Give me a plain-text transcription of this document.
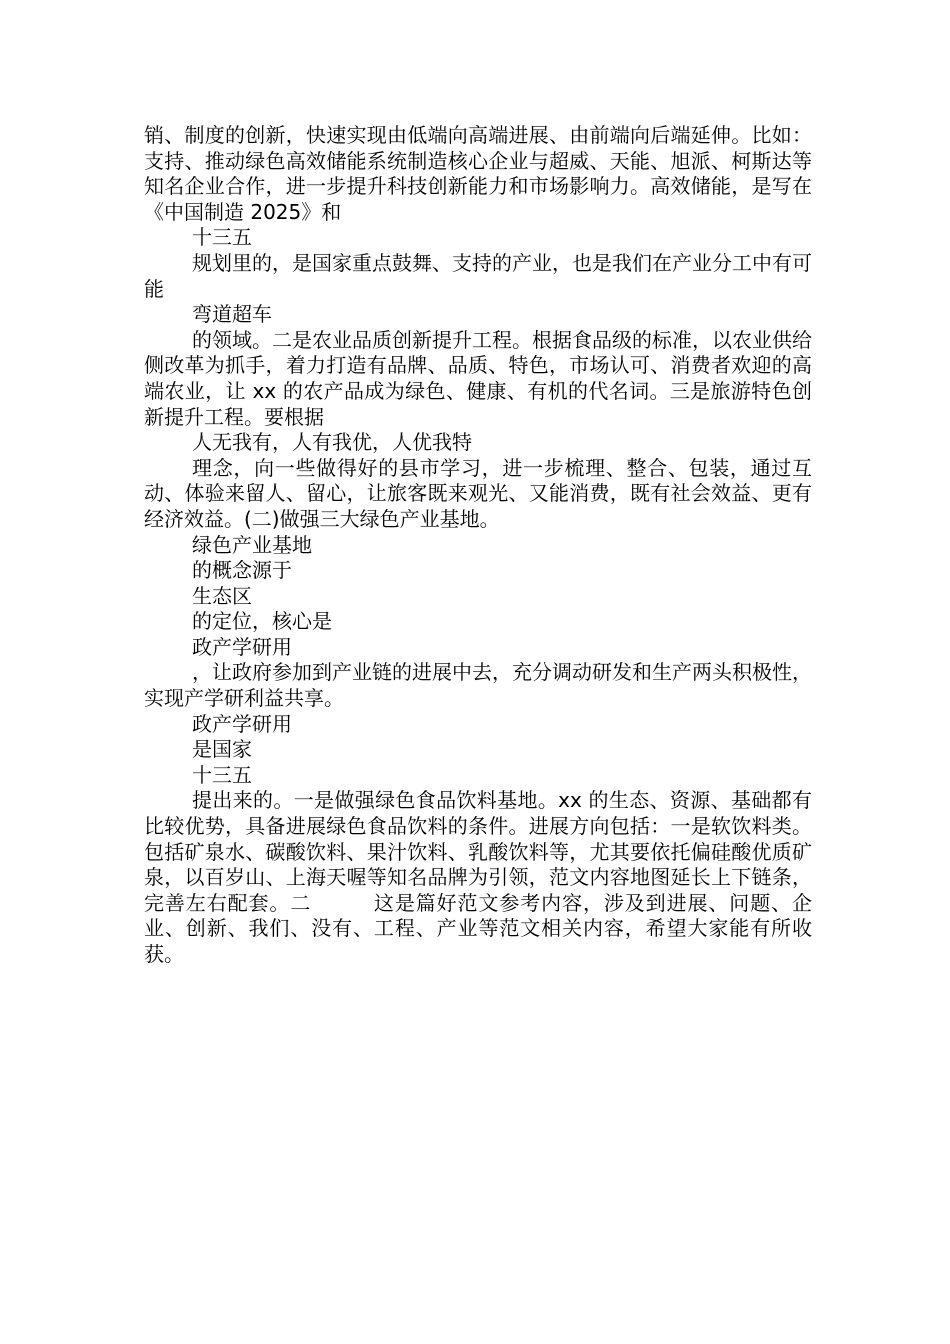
销、制度的创新，快速实现由低端向高端进展、由前端向后端延伸。比如：支持、推动绿色高效储能系统制造核心企业与超威、天能、旭派、柯斯达等知名企业合作，进一步提升科技创新能力和市场影响力。高效储能，是写在《中国制造 2025》和

十三五

规划里的，是国家重点鼓舞、支持的产业，也是我们在产业分工中有可能

弯道超车

的领域。二是农业品质创新提升工程。根据食品级的标准，以农业供给侧改革为抓手，着力打造有品牌、品质、特色，市场认可、消费者欢迎的高端农业，让 xx 的农产品成为绿色、健康、有机的代名词。三是旅游特色创新提升工程。要根据

人无我有，人有我优，人优我特

理念，向一些做得好的县市学习，进一步梳理、整合、包装，通过互动、体验来留人、留心，让旅客既来观光、又能消费，既有社会效益、更有经济效益。(二)做强三大绿色产业基地。

绿色产业基地

的概念源于

生态区

的定位，核心是

政产学研用

，让政府参加到产业链的进展中去，充分调动研发和生产两头积极性，实现产学研利益共享。

政产学研用

是国家

十三五

提出来的。一是做强绿色食品饮料基地。xx 的生态、资源、基础都有比较优势，具备进展绿色食品饮料的条件。进展方向包括：一是软饮料类。包括矿泉水、碳酸饮料、果汁饮料、乳酸饮料等，尤其要依托偏硅酸优质矿泉，以百岁山、上海天喔等知名品牌为引领，范文内容地图延长上下链条，完善左右配套。二　　　这是篇好范文参考内容，涉及到进展、问题、企业、创新、我们、没有、工程、产业等范文相关内容，希望大家能有所收获。
